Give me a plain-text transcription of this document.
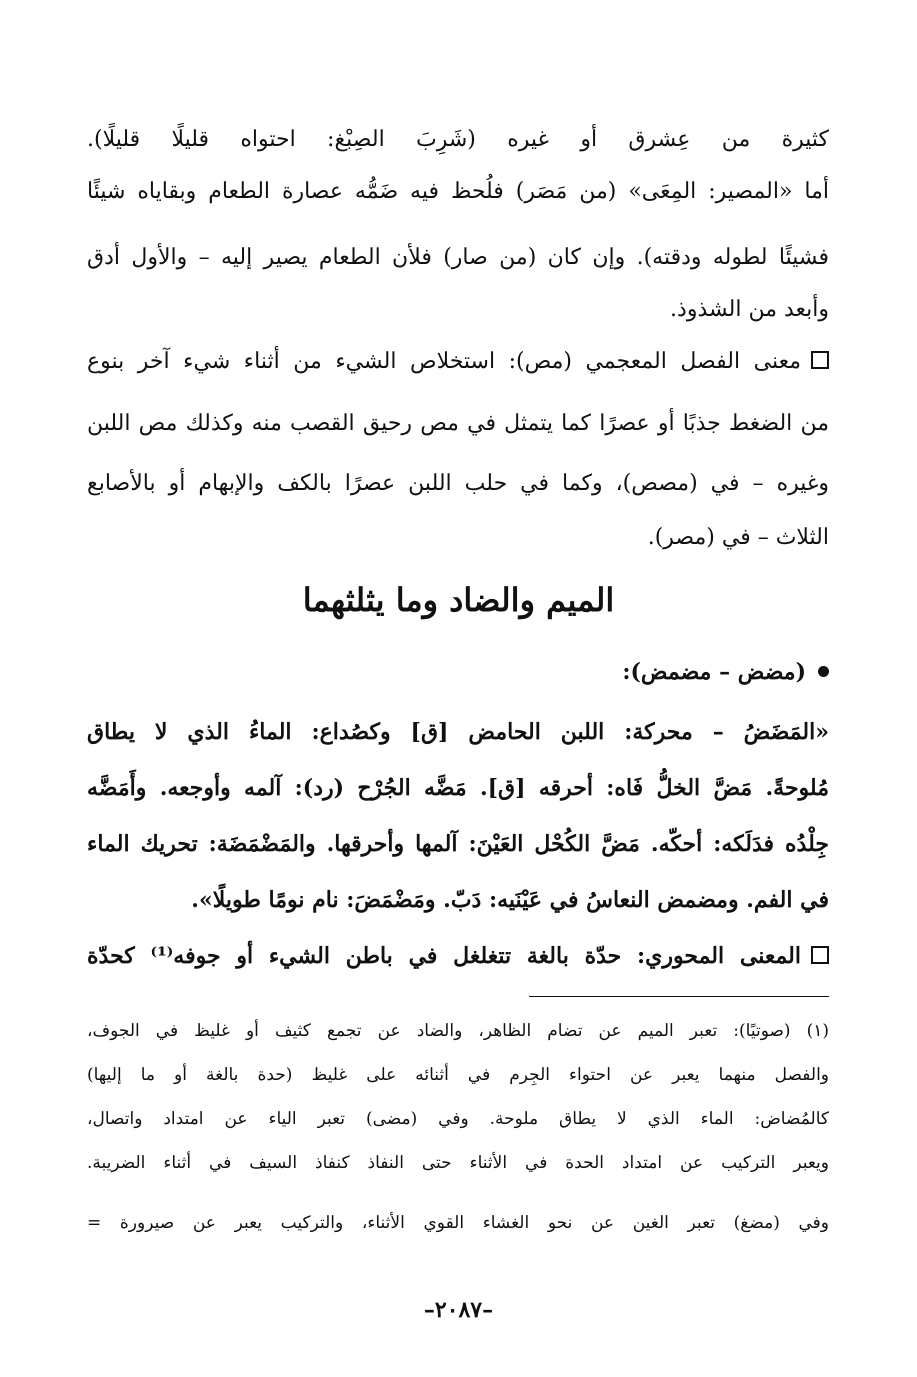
كثيرة من عِشرق أو غيره (شَرِبَ الصِبْغ: احتواه قليلًا قليلًا).
أما «المصير: المِعَى» (من مَصَر) فلُحظ فيه ضَمُّه عصارة الطعام وبقاياه شيئًا
فشيئًا لطوله ودقته). وإن كان (من صار) فلأن الطعام يصير إليه – والأول أدق
وأبعد من الشذوذ.
معنى الفصل المعجمي (مص): استخلاص الشيء من أثناء شيء آخر بنوع
من الضغط جذبًا أو عصرًا كما يتمثل في مص رحيق القصب منه وكذلك مص اللبن
وغيره – في (مصص)، وكما في حلب اللبن عصرًا بالكف والإبهام أو بالأصابع
الثلاث – في (مصر).
الميم والضاد وما يثلثهما
(مضض – مضمض):
«المَضَضُ – محركة: اللبن الحامض [ق] وكصُداع: الماءُ الذي لا يطاق
مُلوحةً. مَضَّ الخلُّ فَاه: أحرقه [ق]. مَضَّه الجُرْح (رد): آلمه وأوجعه. وأَمَضَّه
جِلْدُه فدَلَكه: أحكّه. مَضَّ الكُحْل العَيْنَ: آلمها وأحرقها. والمَضْمَضَة: تحريك الماء
في الفم. ومضمض النعاسُ في عَيْنَيه: دَبّ. ومَضْمَضَ: نام نومًا طويلًا».
المعنى المحوري: حدّة بالغة تتغلغل في باطن الشيء أو جوفه⁽¹⁾ كحدّة
(١) (صوتيًا): تعبر الميم عن تضام الظاهر، والضاد عن تجمع كثيف أو غليظ في الجوف،
والفصل منهما يعبر عن احتواء الجِرم في أثنائه على غليظ (حدة بالغة أو ما إليها)
كالمُضاض: الماء الذي لا يطاق ملوحة. وفي (مضى) تعبر الياء عن امتداد واتصال،
ويعبر التركيب عن امتداد الحدة في الأثناء حتى النفاذ كنفاذ السيف في أثناء الضريبة.
وفي (مضغ) تعبر الغين عن نحو الغشاء القوي الأثناء، والتركيب يعبر عن صيرورة =
–٢٠٨٧–
